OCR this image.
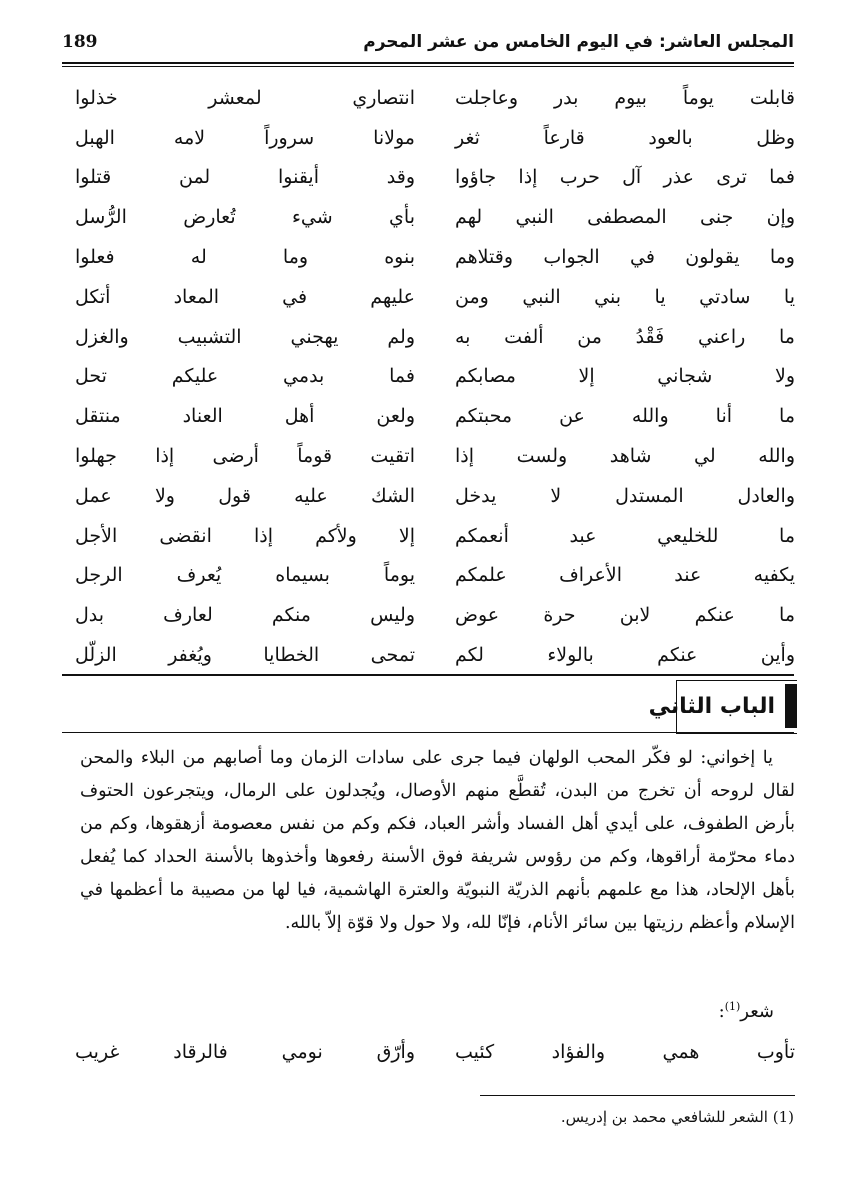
المجلس العاشر: في اليوم الخامس من عشر المحرم
189
قابلت يوماً بيوم بدر وعاجلت
انتصاري لمعشر خذلوا
وظل بالعود قارعاً ثغر
مولانا سروراً لامه الهبل
فما ترى عذر آل حرب إذا جاؤوا
وقد أيقنوا لمن قتلوا
وإن جنى المصطفى النبي لهم
بأي شيء تُعارض الرُّسل
وما يقولون في الجواب وقتلاهم
بنوه وما له فعلوا
يا سادتي يا بني النبي ومن
عليهم في المعاد أتكل
ما راعني فَقْدُ من ألفت به
ولم يهجني التشبيب والغزل
ولا شجاني إلا مصابكم
فما بدمي عليكم تحل
ما أنا والله عن محبتكم
ولعن أهل العناد منتقل
والله لي شاهد ولست إذا
اتقيت قوماً أرضى إذا جهلوا
والعادل المستدل لا يدخل
الشك عليه قول ولا عمل
ما للخليعي عبد أنعمكم
إلا ولأكم إذا انقضى الأجل
يكفيه عند الأعراف علمكم
يوماً بسيماه يُعرف الرجل
ما عنكم لابن حرة عوض
وليس منكم لعارف بدل
وأين عنكم بالولاء لكم
تمحى الخطايا ويُغفر الزلّل
الباب الثاني

يا إخواني: لو فكّر المحب الولهان فيما جرى على سادات الزمان وما أصابهم من البلاء والمحن لقال لروحه أن تخرج من البدن، تُقطَّع منهم الأوصال، ويُجدلون على الرمال، ويتجرعون الحتوف بأرض الطفوف، على أيدي أهل الفساد وأشر العباد، فكم وكم من نفس معصومة أزهقوها، وكم من دماء محرّمة أراقوها، وكم من رؤوس شريفة فوق الأسنة رفعوها وأخذوها بالأسنة الحداد كما يُفعل بأهل الإلحاد، هذا مع علمهم بأنهم الذريّة النبويّة والعترة الهاشمية، فيا لها من مصيبة ما أعظمها في الإسلام وأعظم رزيتها بين سائر الأنام، فإنّا لله، ولا حول ولا قوّة إلاّ بالله.

شعر$^{(1)}$:
تأوب همي والفؤاد كئيب
وأرّق نومي فالرقاد غريب
(1) الشعر للشافعي محمد بن إدريس.
